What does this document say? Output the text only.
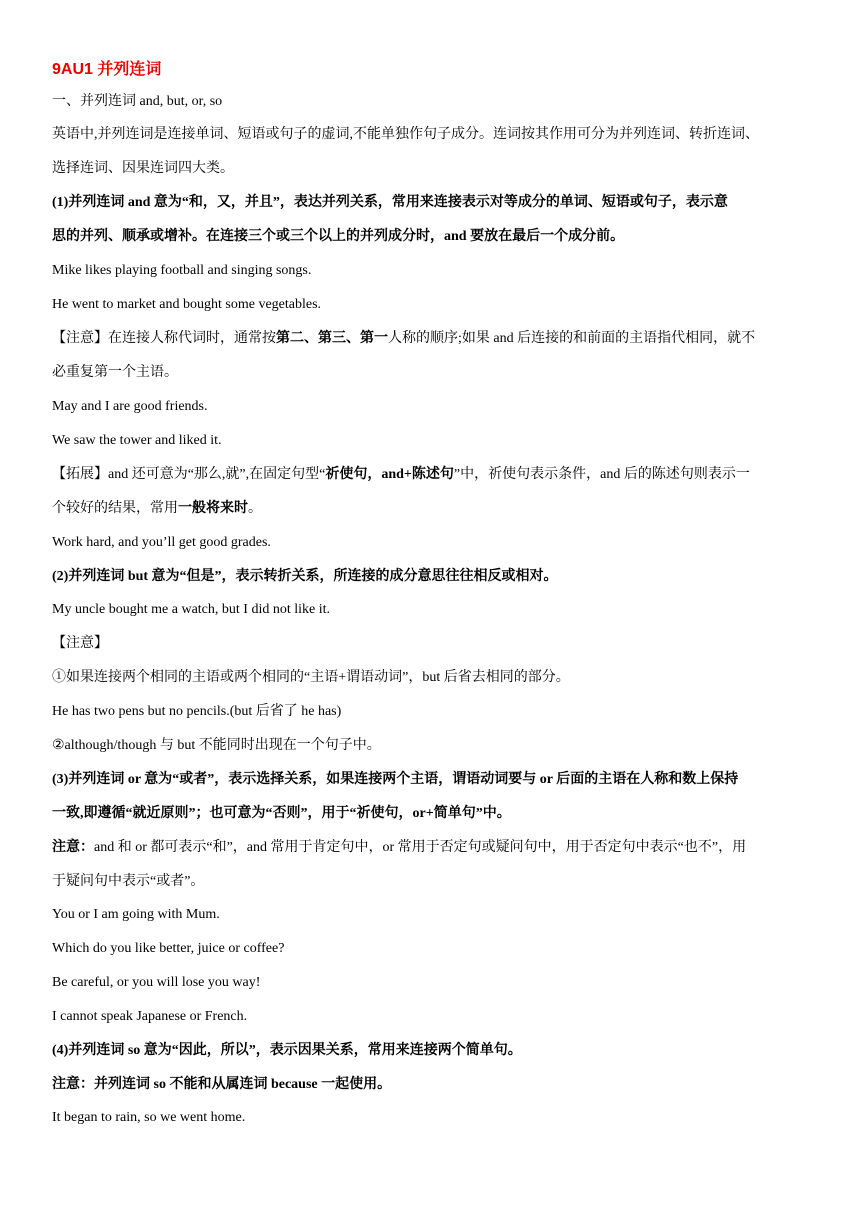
9AU1 并列连词
一、并列连词 and, but, or, so
英语中,并列连词是连接单词、短语或句子的虚词,不能单独作句子成分。连词按其作用可分为并列连词、转折连词、
选择连词、因果连词四大类。
(1)并列连词 and 意为“和，又，并且”，表达并列关系，常用来连接表示对等成分的单词、短语或句子，表示意
思的并列、顺承或增补。在连接三个或三个以上的并列成分时，and 要放在最后一个成分前。
Mike likes playing football and singing songs.
He went to market and bought some vegetables.
【注意】在连接人称代词时，通常按第二、第三、第一人称的顺序;如果 and 后连接的和前面的主语指代相同，就不
必重复第一个主语。
May and I are good friends.
We saw the tower and liked it.
【拓展】and 还可意为“那么,就”,在固定句型“祈使句，and+陈述句”中，祈使句表示条件，and 后的陈述句则表示一
个较好的结果，常用一般将来时。
Work hard, and you’ll get good grades.
(2)并列连词 but 意为“但是”，表示转折关系，所连接的成分意思往往相反或相对。
My uncle bought me a watch, but I did not like it.
【注意】
①如果连接两个相同的主语或两个相同的“主语+谓语动词”，but 后省去相同的部分。
He has two pens but no pencils.(but 后省了 he has)
②although/though 与 but 不能同时出现在一个句子中。
(3)并列连词 or 意为“或者”，表示选择关系，如果连接两个主语，谓语动词要与 or 后面的主语在人称和数上保持
一致,即遵循“就近原则”；也可意为“否则”，用于“祈使句，or+简单句”中。
注意：and 和 or 都可表示“和”，and 常用于肯定句中，or 常用于否定句或疑问句中，用于否定句中表示“也不”，用
于疑问句中表示“或者”。
You or I am going with Mum.
Which do you like better, juice or coffee?
Be careful, or you will lose you way!
I cannot speak Japanese or French.
(4)并列连词 so 意为“因此，所以”，表示因果关系，常用来连接两个简单句。
注意：并列连词 so 不能和从属连词 because 一起使用。
It began to rain, so we went home.
